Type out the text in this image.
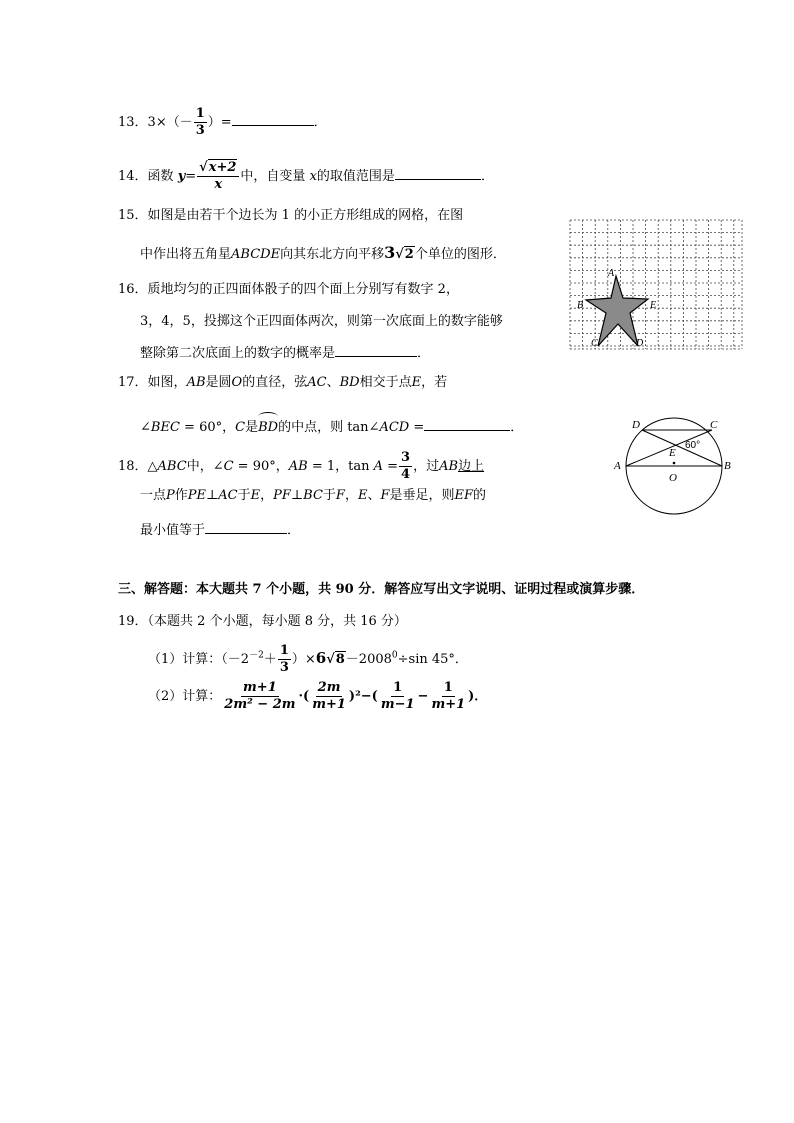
13．$3\times(- \frac{1}{3}$ ）=	．
14．函数 $y= \frac{√x+2}{x}$ 中，自变量 x的取值范围是	．
15．如图是由若干个边长为 1 的小正方形组成的网格，在图
中作出将五角星ABCDE向其东北方向平移3√2个单位的图形．
A
B
C	D
E
16．质地均匀的正四面体骰子的四个面上分别写有数字 2，
3，4，5，投掷这个正四面体两次，则第一次底面上的数字能够
整除第二次底面上的数字的概率是	．
17．如图，AB是圆O的直径，弦AC、BD相交于点E，若
∠BEC = 60°，C是BD的中点，则 tan∠ACD =	．	D	C
A	B
E
O
60°
18．△ABC中，∠C = 90°，AB = 1，$\tan A = \frac{3}{4}$ ，过AB边上
一点P作PE⊥AC于E，PF⊥BC于F，E、F是垂足，则EF的
最小值等于	．
三、解答题：本大题共 7 个小题，共 90 分．解答应写出文字说明、证明过程或演算步骤．
19．（本题共 2 个小题，每小题 8 分，共 16 分）
（1）计算：$(-2^{-2}+ \frac{1}{3} )\times 6√8-2008^0\div\sin$ 45°．
（2）计算： $\frac{m+1}{\text{2m² − 2m}}$ ·( $\frac{2m}{m+1} )^2-( \frac{1}{m-1} - \frac{1}{m+1}$ )．
